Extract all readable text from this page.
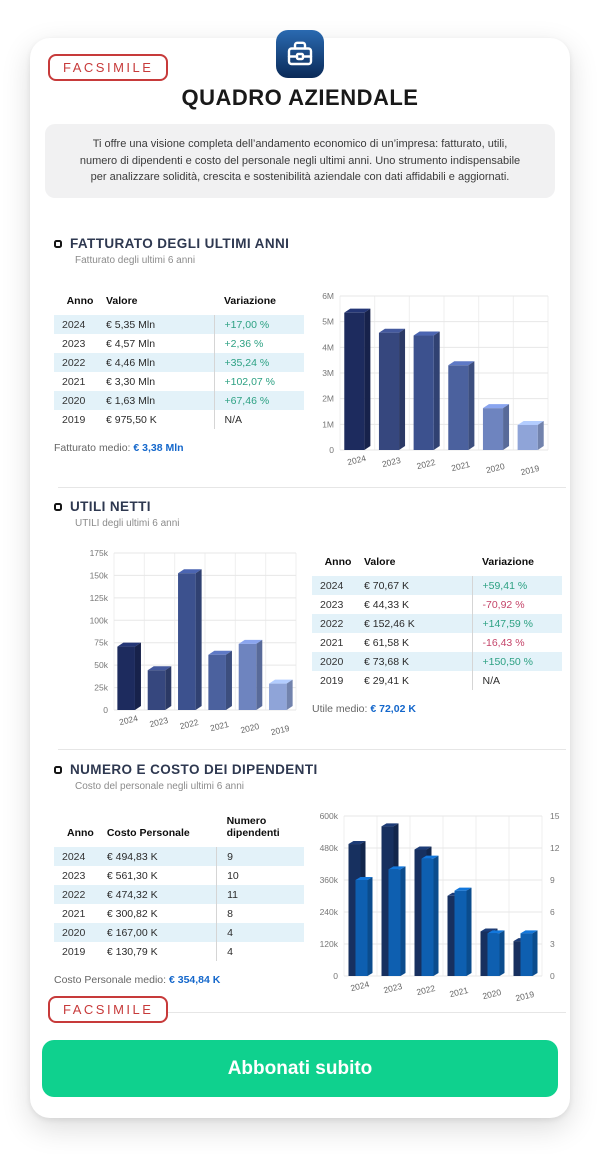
FACSIMILE
QUADRO AZIENDALE
Ti offre una visione completa dell’andamento economico di un’impresa: fatturato, utili, numero di dipendenti e costo del personale negli ultimi anni. Uno strumento indispensabile per analizzare solidità, crescita e sostenibilità aziendale con dati affidabili e aggiornati.
FATTURATO DEGLI ULTIMI ANNI
Fatturato degli ultimi 6 anni
Anno	Valore	Variazione
2024	€ 5,35 Mln	+17,00 %
2023	€ 4,57 Mln	+2,36 %
2022	€ 4,46 Mln	+35,24 %
2021	€ 3,30 Mln	+102,07 %
2020	€ 1,63 Mln	+67,46 %
2019	€ 975,50 K	N/A
Fatturato medio: € 3,38 Mln
6M
5M
4M
3M
2M
1M
0
2024 2023 2022 2021 2020 2019
UTILI NETTI
UTILI degli ultimi 6 anni
175k
150k
125k
100k
75k
50k
25k
0
2024 2023 2022 2021 2020 2019
Anno	Valore	Variazione
2024	€ 70,67 K	+59,41 %
2023	€ 44,33 K	-70,92 %
2022	€ 152,46 K	+147,59 %
2021	€ 61,58 K	-16,43 %
2020	€ 73,68 K	+150,50 %
2019	€ 29,41 K	N/A
Utile medio: € 72,02 K
NUMERO E COSTO DEI DIPENDENTI
Costo del personale negli ultimi 6 anni
Anno	Costo Personale	Numero dipendenti
2024	€ 494,83 K	9
2023	€ 561,30 K	10
2022	€ 474,32 K	11
2021	€ 300,82 K	8
2020	€ 167,00 K	4
2019	€ 130,79 K	4
Costo Personale medio: € 354,84 K
600k
480k
360k
240k
120k
0
15
12
9
6
3
0
2024 2023 2022 2021 2020 2019
FACSIMILE
Abbonati subito
